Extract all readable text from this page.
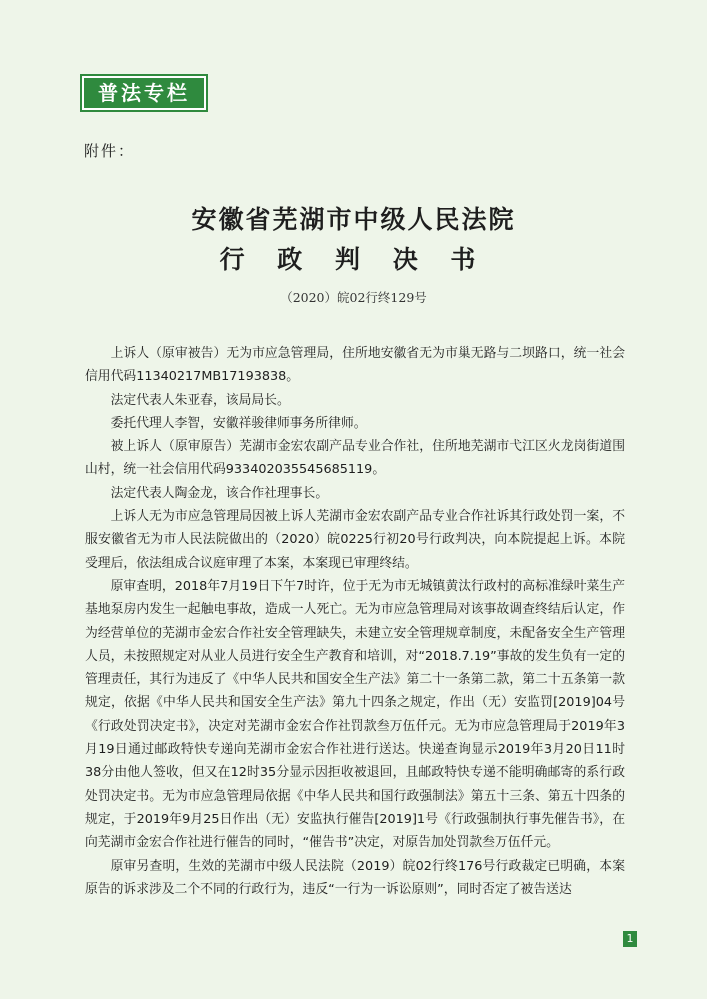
普法专栏
附件：
安徽省芜湖市中级人民法院
行 政 判 决 书
（2020）皖02行终129号

上诉人（原审被告）无为市应急管理局，住所地安徽省无为市巢无路与二坝路口，统一社会信用代码11340217MB17193838。

法定代表人朱亚春，该局局长。

委托代理人李智，安徽祥骏律师事务所律师。

被上诉人（原审原告）芜湖市金宏农副产品专业合作社，住所地芜湖市弋江区火龙岗街道围山村，统一社会信用代码933402035545685119。

法定代表人陶金龙，该合作社理事长。

上诉人无为市应急管理局因被上诉人芜湖市金宏农副产品专业合作社诉其行政处罚一案，不服安徽省无为市人民法院做出的（2020）皖0225行初20号行政判决，向本院提起上诉。本院受理后，依法组成合议庭审理了本案，本案现已审理终结。

原审查明，2018年7月19日下午7时许，位于无为市无城镇黄汰行政村的高标准绿叶菜生产基地泵房内发生一起触电事故，造成一人死亡。无为市应急管理局对该事故调查终结后认定，作为经营单位的芜湖市金宏合作社安全管理缺失，未建立安全管理规章制度，未配备安全生产管理人员，未按照规定对从业人员进行安全生产教育和培训，对“2018.7.19”事故的发生负有一定的管理责任，其行为违反了《中华人民共和国安全生产法》第二十一条第二款，第二十五条第一款规定，依据《中华人民共和国安全生产法》第九十四条之规定，作出（无）安监罚[2019]04号《行政处罚决定书》，决定对芜湖市金宏合作社罚款叁万伍仟元。无为市应急管理局于2019年3月19日通过邮政特快专递向芜湖市金宏合作社进行送达。快递查询显示2019年3月20日11时38分由他人签收，但又在12时35分显示因拒收被退回，且邮政特快专递不能明确邮寄的系行政处罚决定书。无为市应急管理局依据《中华人民共和国行政强制法》第五十三条、第五十四条的规定，于2019年9月25日作出（无）安监执行催告[2019]1号《行政强制执行事先催告书》，在向芜湖市金宏合作社进行催告的同时，“催告书”决定，对原告加处罚款叁万伍仟元。

原审另查明，生效的芜湖市中级人民法院（2019）皖02行终176号行政裁定已明确，本案原告的诉求涉及二个不同的行政行为，违反“一行为一诉讼原则”，同时否定了被告送达

1
